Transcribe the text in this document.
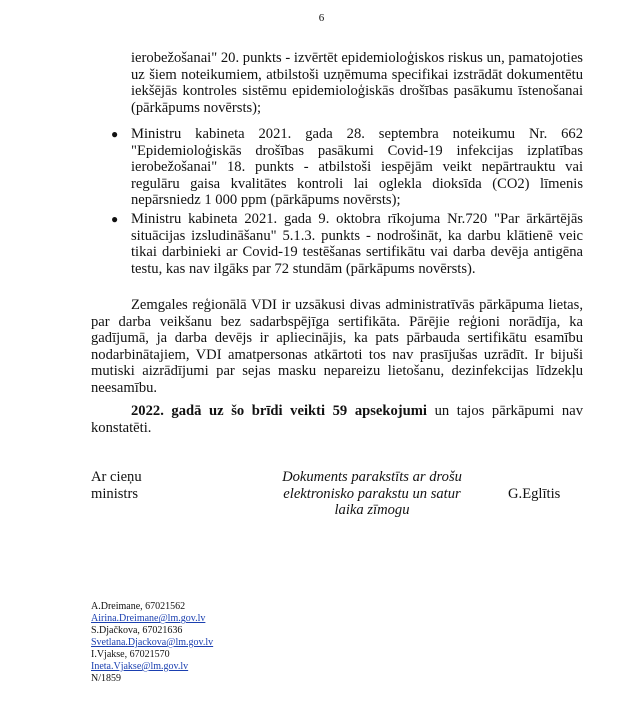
6

ierobežošanai" 20. punkts - izvērtēt epidemioloģiskos riskus un, pamatojoties uz šiem noteikumiem, atbilstoši uzņēmuma specifikai izstrādāt dokumentētu iekšējās kontroles sistēmu epidemioloģiskās drošības pasākumu īstenošanai (pārkāpums novērsts);

● Ministru kabineta 2021. gada 28. septembra noteikumu Nr. 662 "Epidemioloģiskās drošības pasākumi Covid-19 infekcijas izplatības ierobežošanai" 18. punkts - atbilstoši iespējām veikt nepārtrauktu vai regulāru gaisa kvalitātes kontroli lai ogleklа dioksīda (CO2) līmenis nepārsniedz 1 000 ppm (pārkāpums novērsts);

● Ministru kabineta 2021. gada 9. oktobra rīkojuma Nr.720 "Par ārkārtējās situācijas izsludināšanu" 5.1.3. punkts - nodrošināt, ka darbu klātienē veic tikai darbinieki ar Covid-19 testēšanas sertifikātu vai darba devēja antigēna testu, kas nav ilgāks par 72 stundām (pārkāpums novērsts).

Zemgales reģionālā VDI ir uzsākusi divas administratīvās pārkāpuma lietas, par darba veikšanu bez sadarbspējīga sertifikāta. Pārējie reģioni norādīja, ka gadījumā, ja darba devējs ir apliecinājis, ka pats pārbauda sertifikātu esamību nodarbinātajiem, VDI amatpersonas atkārtoti tos nav prasījušas uzrādīt. Ir bijuši mutiski aizrādījumi par sejas masku nepareizu lietošanu, dezinfekcijas līdzekļu neesamību.

2022. gadā uz šo brīdi veikti 59 apsekojumi un tajos pārkāpumi nav konstatēti.

Ar cieņu
ministrs
Dokuments parakstīts ar drošu
elektronisko parakstu un satur
laika zīmogu
G.Eglītis
A.Dreimane, 67021562
Airina.Dreimane@lm.gov.lv
S.Djačkova, 67021636
Svetlana.Djackova@lm.gov.lv
I.Vjakse, 67021570
Ineta.Vjakse@lm.gov.lv
N/1859
